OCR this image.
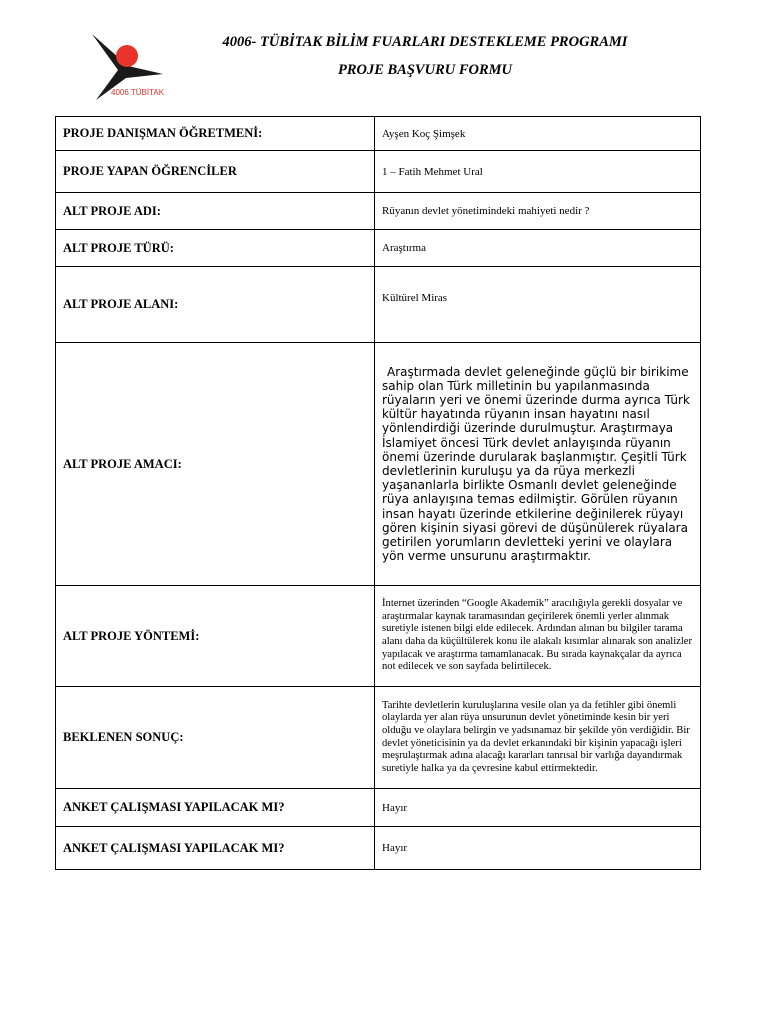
4006 TÜBİTAK
4006- TÜBİTAK BİLİM FUARLARI DESTEKLEME PROGRAMI
PROJE BAŞVURU FORMU
PROJE DANIŞMAN ÖĞRETMENİ:	Ayşen Koç Şimşek
PROJE YAPAN ÖĞRENCİLER	1 – Fatih Mehmet Ural
ALT PROJE ADI:	Rüyanın devlet yönetimindeki mahiyeti nedir ?
ALT PROJE TÜRÜ:	Araştırma
ALT PROJE ALANI:	Kültürel Miras
ALT PROJE AMACI:	Araştırmada devlet geleneğinde güçlü bir birikime sahip olan Türk milletinin bu yapılanmasında rüyaların yeri ve önemi üzerinde durma ayrıca Türk kültür hayatında rüyanın insan hayatını nasıl yönlendirdiği üzerinde durulmuştur. Araştırmaya İslamiyet öncesi Türk devlet anlayışında rüyanın önemi üzerinde durularak başlanmıştır. Çeşitli Türk devletlerinin kuruluşu ya da rüya merkezli yaşananlarla birlikte Osmanlı devlet geleneğinde rüya anlayışına temas edilmiştir. Görülen rüyanın insan hayatı üzerinde etkilerine değinilerek rüyayı gören kişinin siyasi görevi de düşünülerek rüyalara getirilen yorumların devletteki yerini ve olaylara yön verme unsurunu araştırmaktır.
ALT PROJE YÖNTEMİ:	İnternet üzerinden “Google Akademik” aracılığıyla gerekli dosyalar ve araştırmalar kaynak taramasından geçirilerek önemli yerler alınmak suretiyle istenen bilgi elde edilecek. Ardından alınan bu bilgiler tarama alanı daha da küçültülerek konu ile alakalı kısımlar alınarak son analizler yapılacak ve araştırma tamamlanacak. Bu sırada kaynakçalar da ayrıca not edilecek ve son sayfada belirtilecek.
BEKLENEN SONUÇ:	Tarihte devletlerin kuruluşlarına vesile olan ya da fetihler gibi önemli olaylarda yer alan rüya unsurunun devlet yönetiminde kesin bir yeri olduğu ve olaylara belirgin ve yadsınamaz bir şekilde yön verdiğidir. Bir devlet yöneticisinin ya da devlet erkanındaki bir kişinin yapacağı işleri meşrulaştırmak adına alacağı kararları tanrısal bir varlığa dayandırmak suretiyle halka ya da çevresine kabul ettirmektedir.
ANKET ÇALIŞMASI YAPILACAK MI?	Hayır
ANKET ÇALIŞMASI YAPILACAK MI?	Hayır
